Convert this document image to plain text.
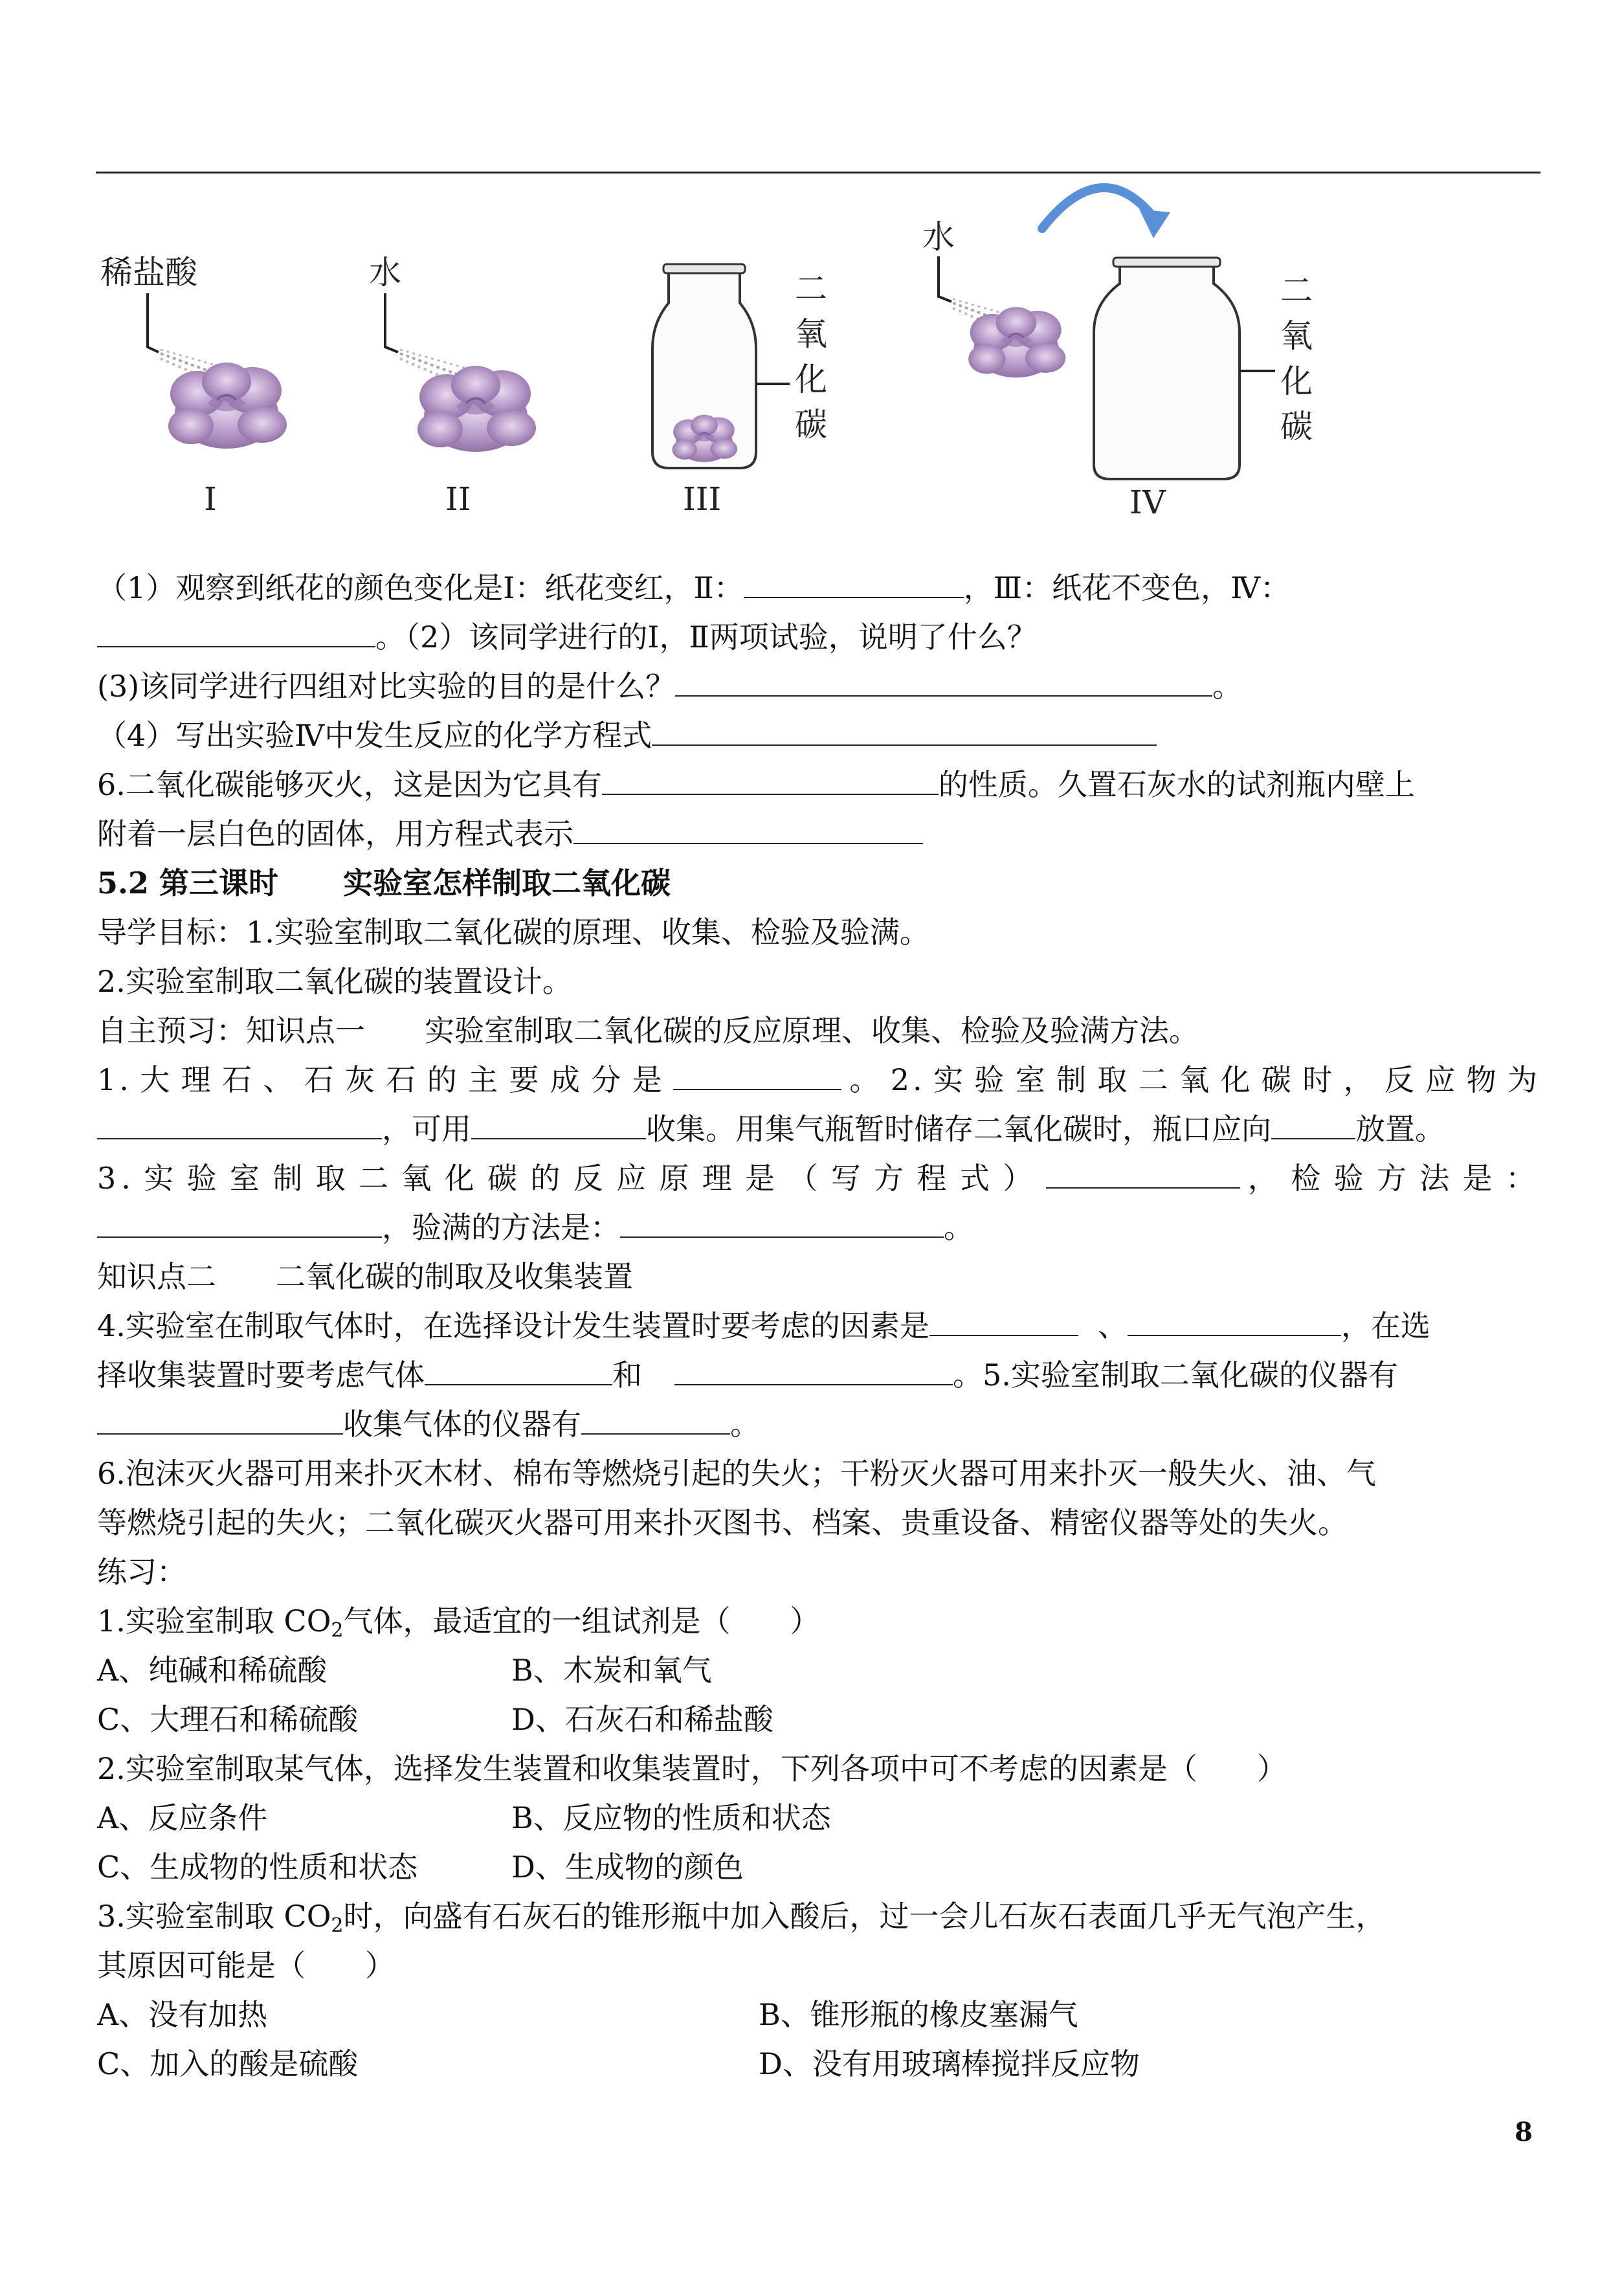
稀盐酸
I
水
II
二
氧
化
碳
III
水
二
氧
化
碳
IV
（1）观察到纸花的颜色变化是Ⅰ：纸花变红，Ⅱ：	，Ⅲ：纸花不变色，Ⅳ：
。（2）该同学进行的Ⅰ，Ⅱ两项试验，说明了什么？
(3)该同学进行四组对比实验的目的是什么？	。
（4）写出实验Ⅳ中发生反应的化学方程式
6.二氧化碳能够灭火，这是因为它具有	的性质。久置石灰水的试剂瓶内壁上
附着一层白色的固体，用方程式表示
5.2 第三课时 实验室怎样制取二氧化碳
导学目标：1.实验室制取二氧化碳的原理、收集、检验及验满。
2.实验室制取二氧化碳的装置设计。
自主预习：知识点一　　实验室制取二氧化碳的反应原理、收集、检验及验满方法。
1.大理石、石灰石的主要成分是	。2.实验室制取二氧化碳时，反应物为
，可用	收集。用集气瓶暂时储存二氧化碳时，瓶口应向	放置。
3.实验室制取二氧化碳的反应原理是（写方程式）	，检验方法是：
，验满的方法是：	。
知识点二　　二氧化碳的制取及收集装置
4.实验室在制取气体时，在选择设计发生装置时要考虑的因素是	、	，在选
择收集装置时要考虑气体	和	。5.实验室制取二氧化碳的仪器有
收集气体的仪器有	。
6.泡沫灭火器可用来扑灭木材、棉布等燃烧引起的失火；干粉灭火器可用来扑灭一般失火、油、气
等燃烧引起的失火；二氧化碳灭火器可用来扑灭图书、档案、贵重设备、精密仪器等处的失火。
练习：
1.实验室制取 $CO_2$气体，最适宜的一组试剂是（　　）
A、纯碱和稀硫酸	B、木炭和氧气
C、大理石和稀硫酸	D、石灰石和稀盐酸
2.实验室制取某气体，选择发生装置和收集装置时，下列各项中可不考虑的因素是（　　）
A、反应条件	B、反应物的性质和状态
C、生成物的性质和状态	D、生成物的颜色
3.实验室制取 $CO_2$时，向盛有石灰石的锥形瓶中加入酸后，过一会儿石灰石表面几乎无气泡产生，
其原因可能是（　　）
A、没有加热	B、锥形瓶的橡皮塞漏气
C、加入的酸是硫酸	D、没有用玻璃棒搅拌反应物
8
